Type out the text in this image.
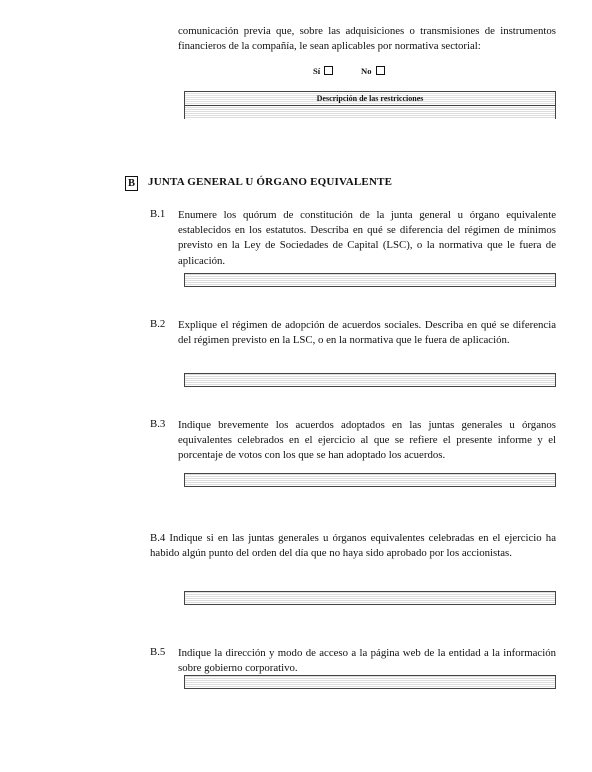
comunicación previa que, sobre las adquisiciones o transmisiones de instrumentos financieros de la compañía, le sean aplicables por normativa sectorial:
Sí	No
Descripción de las restricciones
B JUNTA GENERAL U ÓRGANO EQUIVALENTE
B.1 Enumere los quórum de constitución de la junta general u órgano equivalente establecidos en los estatutos. Describa en qué se diferencia del régimen de mínimos previsto en la Ley de Sociedades de Capital (LSC), o la normativa que le fuera de aplicación.
B.2 Explique el régimen de adopción de acuerdos sociales. Describa en qué se diferencia del régimen previsto en la LSC, o en la normativa que le fuera de aplicación.
B.3 Indique brevemente los acuerdos adoptados en las juntas generales u órganos equivalentes celebrados en el ejercicio al que se refiere el presente informe y el porcentaje de votos con los que se han adoptado los acuerdos.
B.4 Indique si en las juntas generales u órganos equivalentes celebradas en el ejercicio ha habido algún punto del orden del día que no haya sido aprobado por los accionistas.
B.5 Indique la dirección y modo de acceso a la página web de la entidad a la información sobre gobierno corporativo.
